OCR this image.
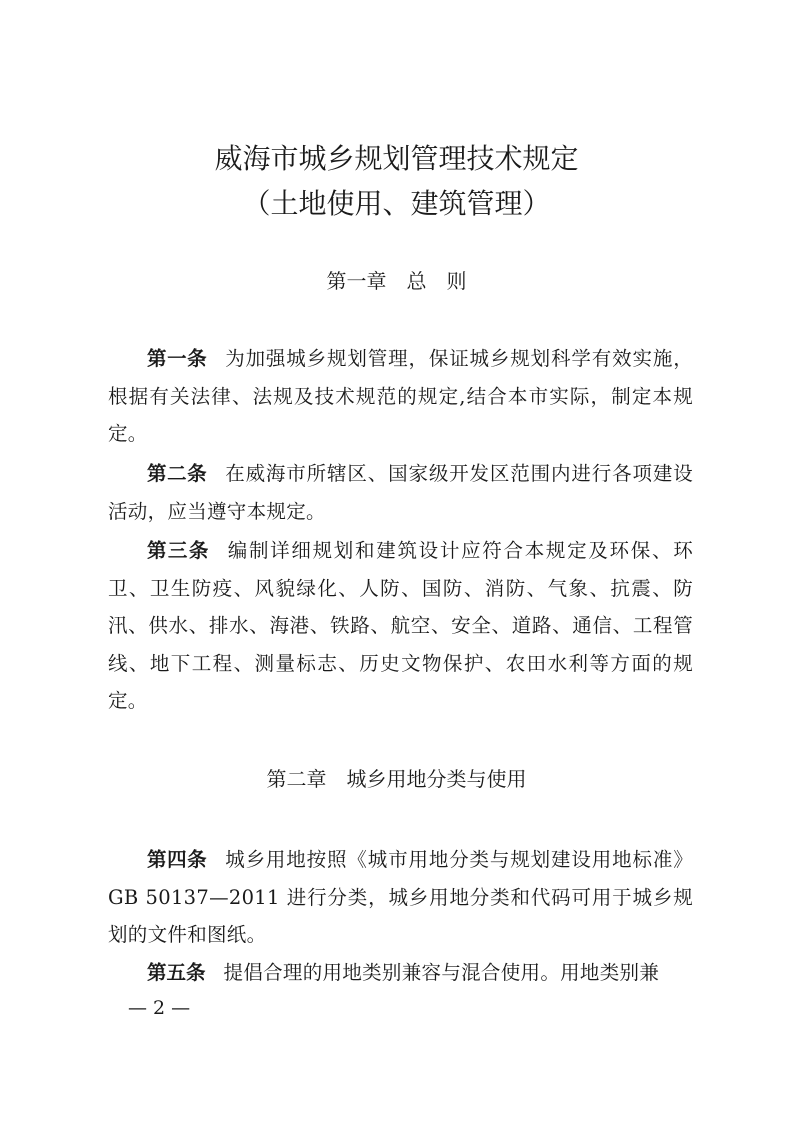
威海市城乡规划管理技术规定
（土地使用、建筑管理）
第一章　总　则

第一条 为加强城乡规划管理，保证城乡规划科学有效实施，根据有关法律、法规及技术规范的规定,结合本市实际，制定本规定。

第二条 在威海市所辖区、国家级开发区范围内进行各项建设活动，应当遵守本规定。

第三条 编制详细规划和建筑设计应符合本规定及环保、环卫、卫生防疫、风貌绿化、人防、国防、消防、气象、抗震、防汛、供水、排水、海港、铁路、航空、安全、道路、通信、工程管线、地下工程、测量标志、历史文物保护、农田水利等方面的规定。

第二章　城乡用地分类与使用

第四条 城乡用地按照《城市用地分类与规划建设用地标准》GB 50137—2011 进行分类，城乡用地分类和代码可用于城乡规划的文件和图纸。

第五条 提倡合理的用地类别兼容与混合使用。用地类别兼

— 2 —
